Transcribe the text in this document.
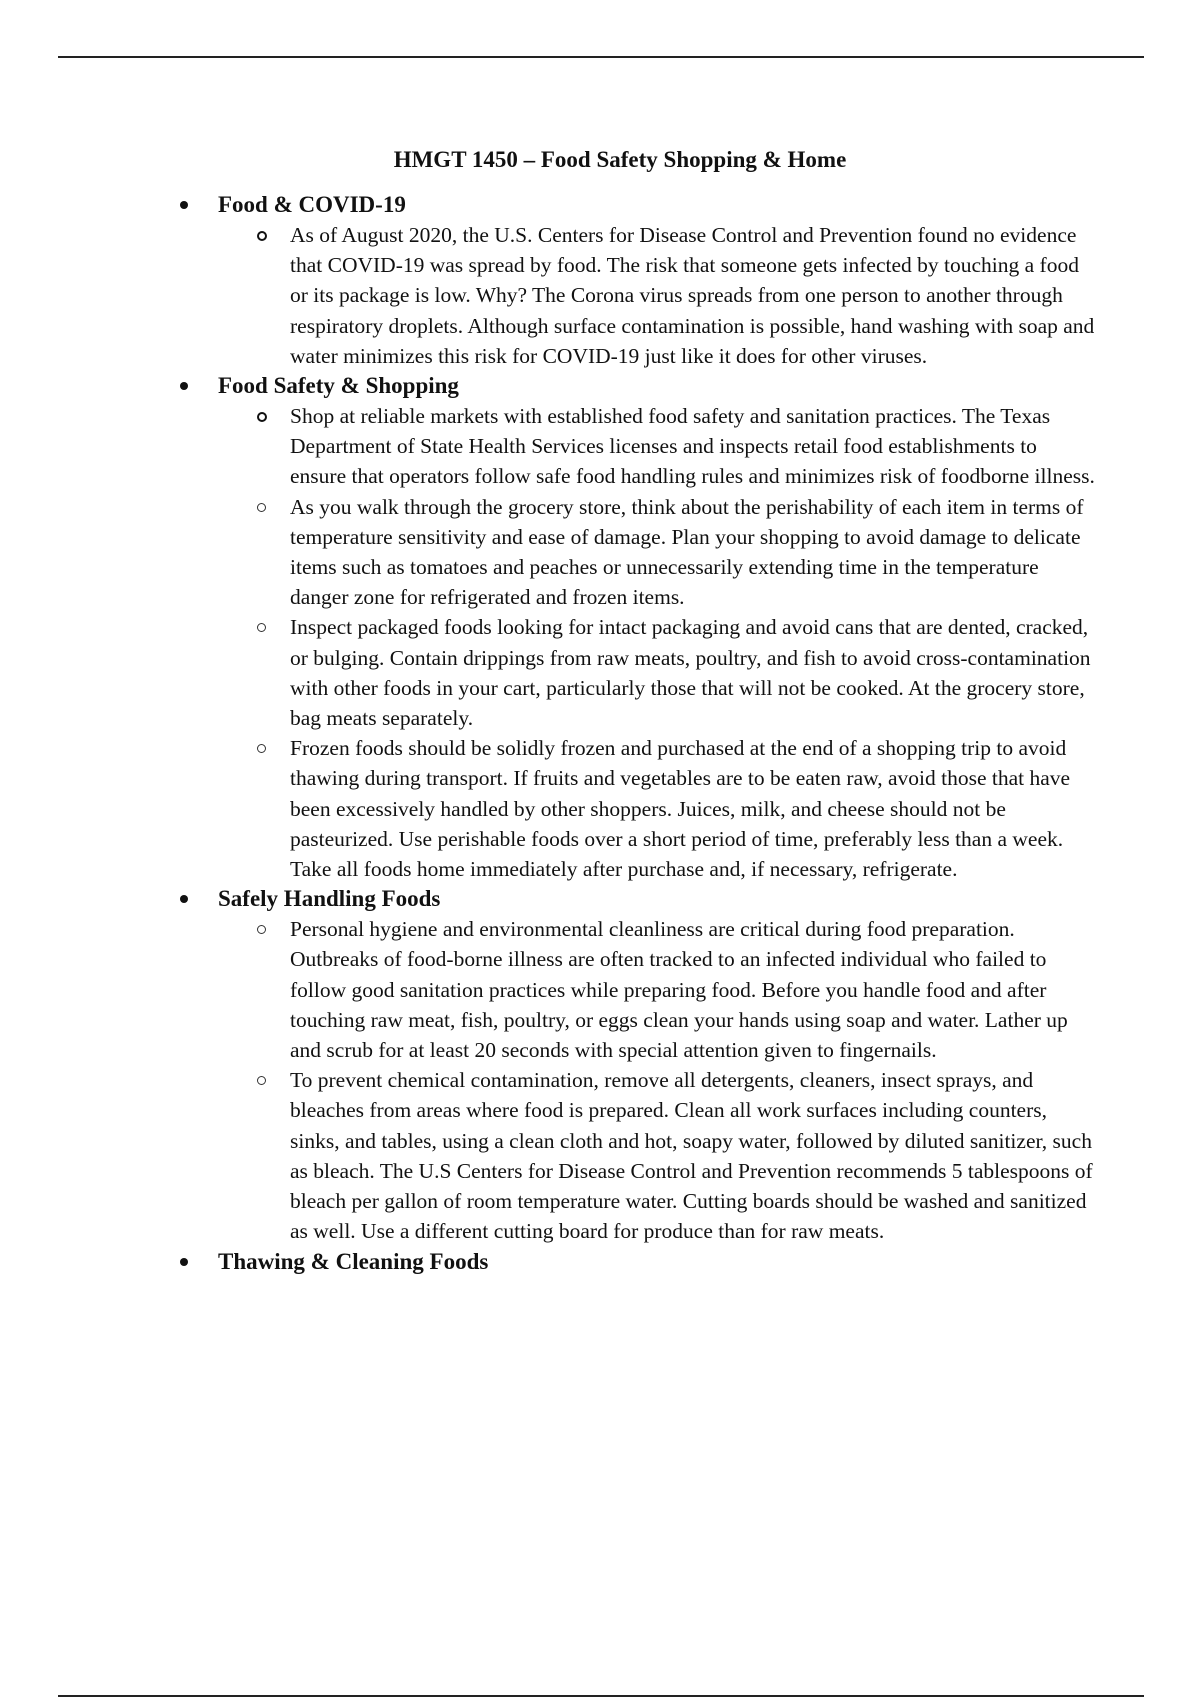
HMGT 1450 – Food Safety Shopping & Home
Food & COVID-19
As of August 2020, the U.S. Centers for Disease Control and Prevention found no evidence that COVID-19 was spread by food. The risk that someone gets infected by touching a food or its package is low. Why? The Corona virus spreads from one person to another through respiratory droplets. Although surface contamination is possible, hand washing with soap and water minimizes this risk for COVID-19 just like it does for other viruses.
Food Safety & Shopping
Shop at reliable markets with established food safety and sanitation practices. The Texas Department of State Health Services licenses and inspects retail food establishments to ensure that operators follow safe food handling rules and minimizes risk of foodborne illness.
As you walk through the grocery store, think about the perishability of each item in terms of temperature sensitivity and ease of damage. Plan your shopping to avoid damage to delicate items such as tomatoes and peaches or unnecessarily extending time in the temperature danger zone for refrigerated and frozen items.
Inspect packaged foods looking for intact packaging and avoid cans that are dented, cracked, or bulging. Contain drippings from raw meats, poultry, and fish to avoid cross-contamination with other foods in your cart, particularly those that will not be cooked. At the grocery store, bag meats separately.
Frozen foods should be solidly frozen and purchased at the end of a shopping trip to avoid thawing during transport. If fruits and vegetables are to be eaten raw, avoid those that have been excessively handled by other shoppers. Juices, milk, and cheese should not be pasteurized. Use perishable foods over a short period of time, preferably less than a week. Take all foods home immediately after purchase and, if necessary, refrigerate.
Safely Handling Foods
Personal hygiene and environmental cleanliness are critical during food preparation. Outbreaks of food-borne illness are often tracked to an infected individual who failed to follow good sanitation practices while preparing food. Before you handle food and after touching raw meat, fish, poultry, or eggs clean your hands using soap and water. Lather up and scrub for at least 20 seconds with special attention given to fingernails.
To prevent chemical contamination, remove all detergents, cleaners, insect sprays, and bleaches from areas where food is prepared. Clean all work surfaces including counters, sinks, and tables, using a clean cloth and hot, soapy water, followed by diluted sanitizer, such as bleach. The U.S Centers for Disease Control and Prevention recommends 5 tablespoons of bleach per gallon of room temperature water. Cutting boards should be washed and sanitized as well. Use a different cutting board for produce than for raw meats.
Thawing & Cleaning Foods
